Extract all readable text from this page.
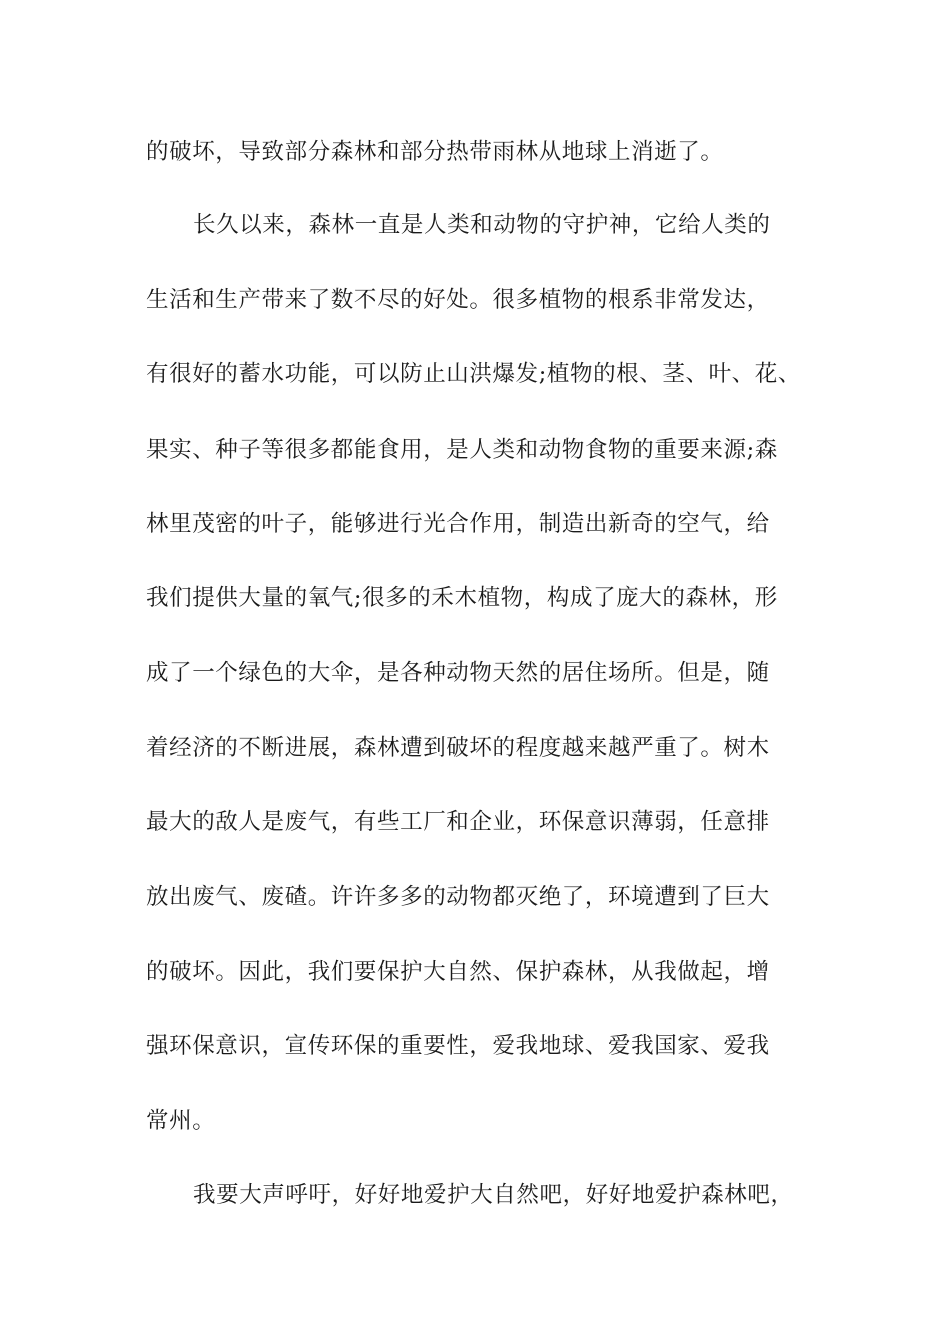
的破坏，导致部分森林和部分热带雨林从地球上消逝了。
长久以来，森林一直是人类和动物的守护神，它给人类的
生活和生产带来了数不尽的好处。很多植物的根系非常发达，
有很好的蓄水功能，可以防止山洪爆发;植物的根、茎、叶、花、
果实、种子等很多都能食用，是人类和动物食物的重要来源;森
林里茂密的叶子，能够进行光合作用，制造出新奇的空气，给
我们提供大量的氧气;很多的禾木植物，构成了庞大的森林，形
成了一个绿色的大伞，是各种动物天然的居住场所。但是，随
着经济的不断进展，森林遭到破坏的程度越来越严重了。树木
最大的敌人是废气，有些工厂和企业，环保意识薄弱，任意排
放出废气、废碴。许许多多的动物都灭绝了，环境遭到了巨大
的破坏。因此，我们要保护大自然、保护森林，从我做起，增
强环保意识，宣传环保的重要性，爱我地球、爱我国家、爱我
常州。
我要大声呼吁，好好地爱护大自然吧，好好地爱护森林吧，
